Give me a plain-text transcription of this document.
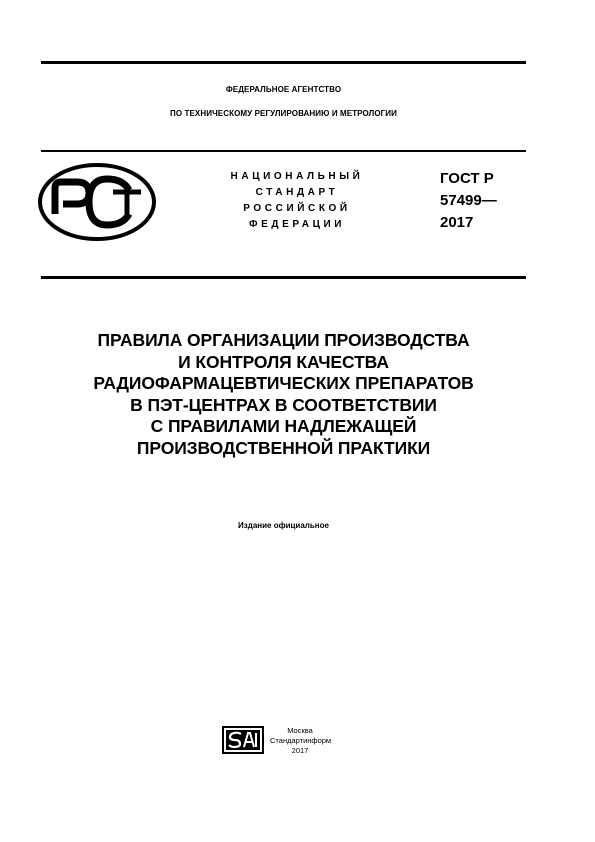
ФЕДЕРАЛЬНОЕ АГЕНТСТВО
ПО ТЕХНИЧЕСКОМУ РЕГУЛИРОВАНИЮ И МЕТРОЛОГИИ
НАЦИОНАЛЬНЫЙ
СТАНДАРТ
РОССИЙСКОЙ
ФЕДЕРАЦИИ
ГОСТ Р
57499—
2017
ПРАВИЛА ОРГАНИЗАЦИИ ПРОИЗВОДСТВА
И КОНТРОЛЯ КАЧЕСТВА
РАДИОФАРМАЦЕВТИЧЕСКИХ ПРЕПАРАТОВ
В ПЭТ-ЦЕНТРАХ В СООТВЕТСТВИИ
С ПРАВИЛАМИ НАДЛЕЖАЩЕЙ
ПРОИЗВОДСТВЕННОЙ ПРАКТИКИ
Издание официальное
Москва
Стандартинформ
2017
